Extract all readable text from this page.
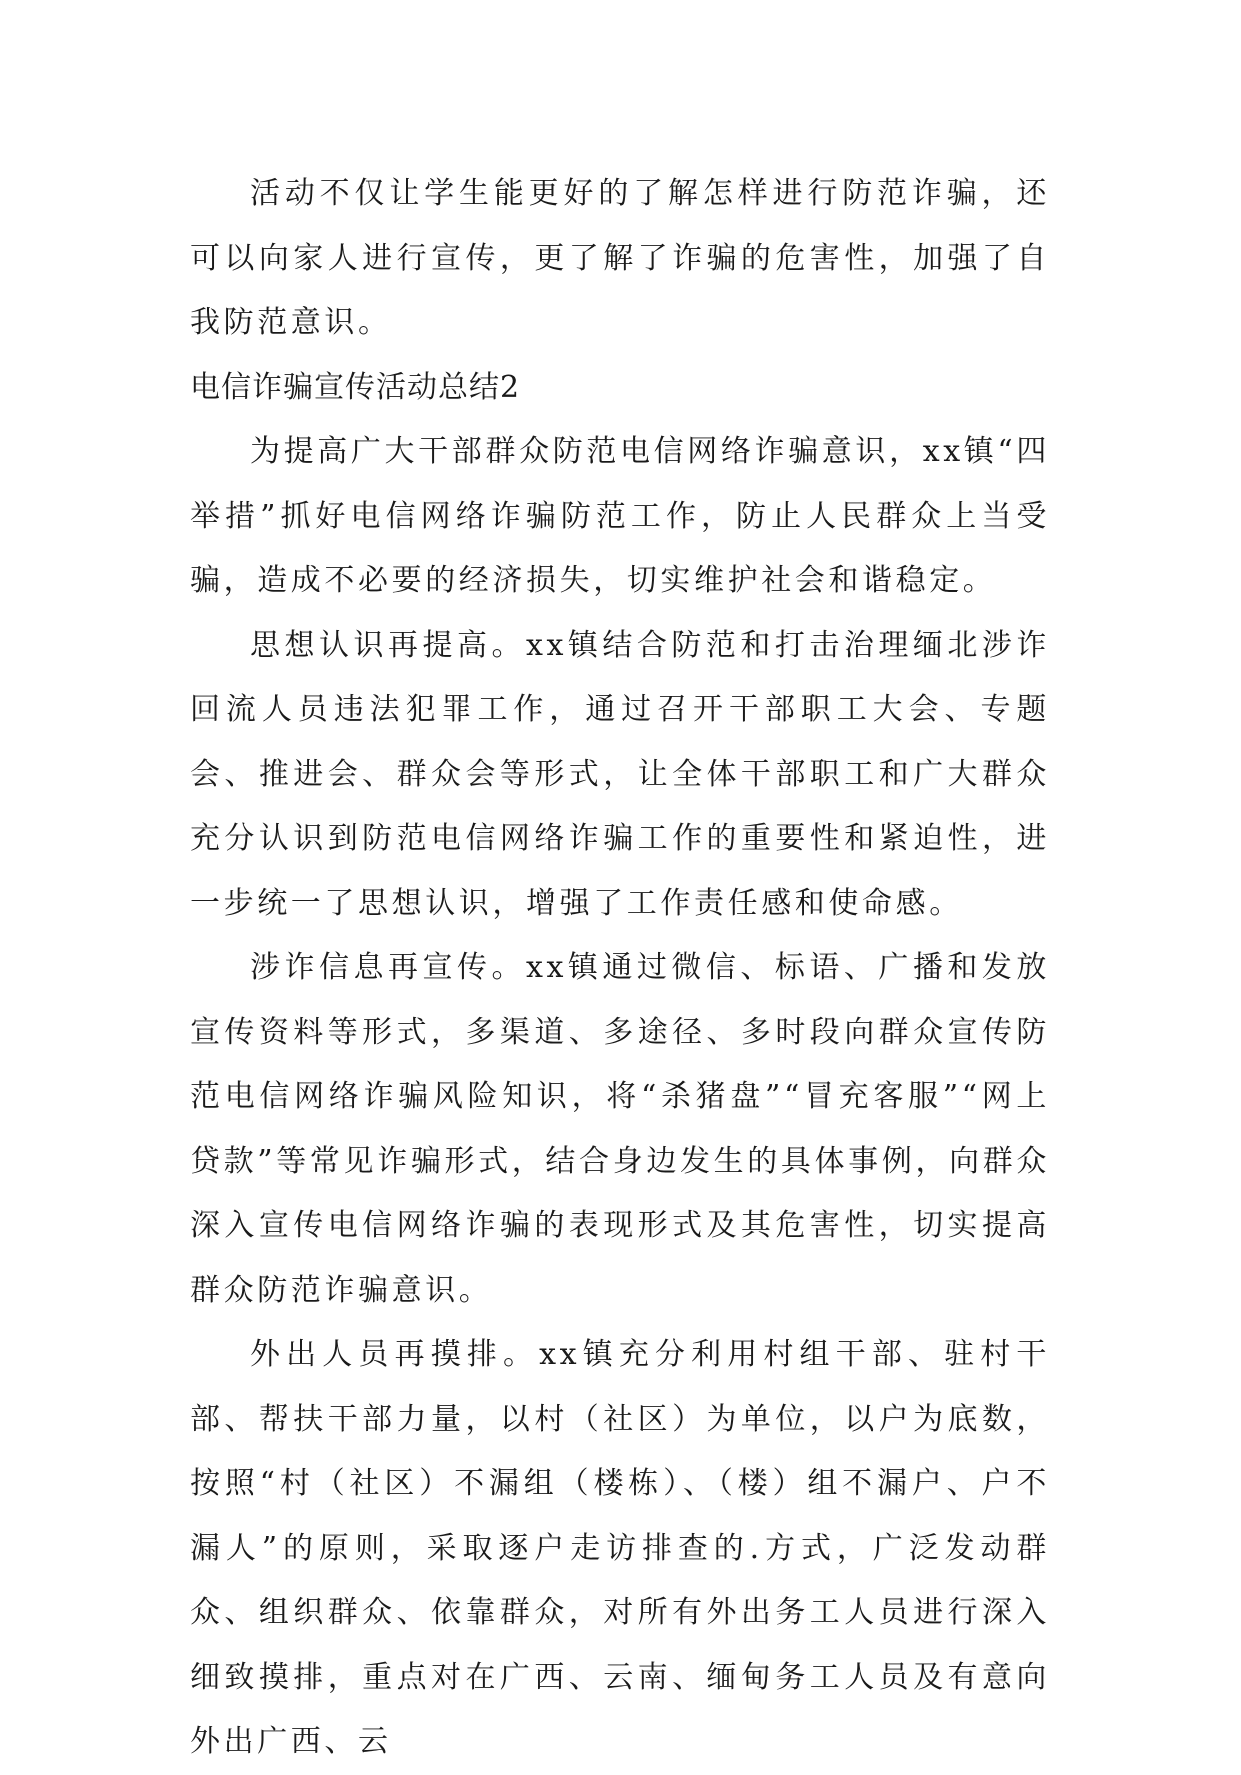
活动不仅让学生能更好的了解怎样进行防范诈骗，还可以向家人进行宣传，更了解了诈骗的危害性，加强了自我防范意识。

电信诈骗宣传活动总结2

为提高广大干部群众防范电信网络诈骗意识，xx镇“四举措”抓好电信网络诈骗防范工作，防止人民群众上当受骗，造成不必要的经济损失，切实维护社会和谐稳定。

思想认识再提高。xx镇结合防范和打击治理缅北涉诈回流人员违法犯罪工作，通过召开干部职工大会、专题会、推进会、群众会等形式，让全体干部职工和广大群众充分认识到防范电信网络诈骗工作的重要性和紧迫性，进一步统一了思想认识，增强了工作责任感和使命感。

涉诈信息再宣传。xx镇通过微信、标语、广播和发放宣传资料等形式，多渠道、多途径、多时段向群众宣传防范电信网络诈骗风险知识，将“杀猪盘”“冒充客服”“网上贷款”等常见诈骗形式，结合身边发生的具体事例，向群众深入宣传电信网络诈骗的表现形式及其危害性，切实提高群众防范诈骗意识。

外出人员再摸排。xx镇充分利用村组干部、驻村干部、帮扶干部力量，以村（社区）为单位，以户为底数，按照“村（社区）不漏组（楼栋）、（楼）组不漏户、户不漏人”的原则，采取逐户走访排查的.方式，广泛发动群众、组织群众、依靠群众，对所有外出务工人员进行深入细致摸排，重点对在广西、云南、缅甸务工人员及有意向外出广西、云
